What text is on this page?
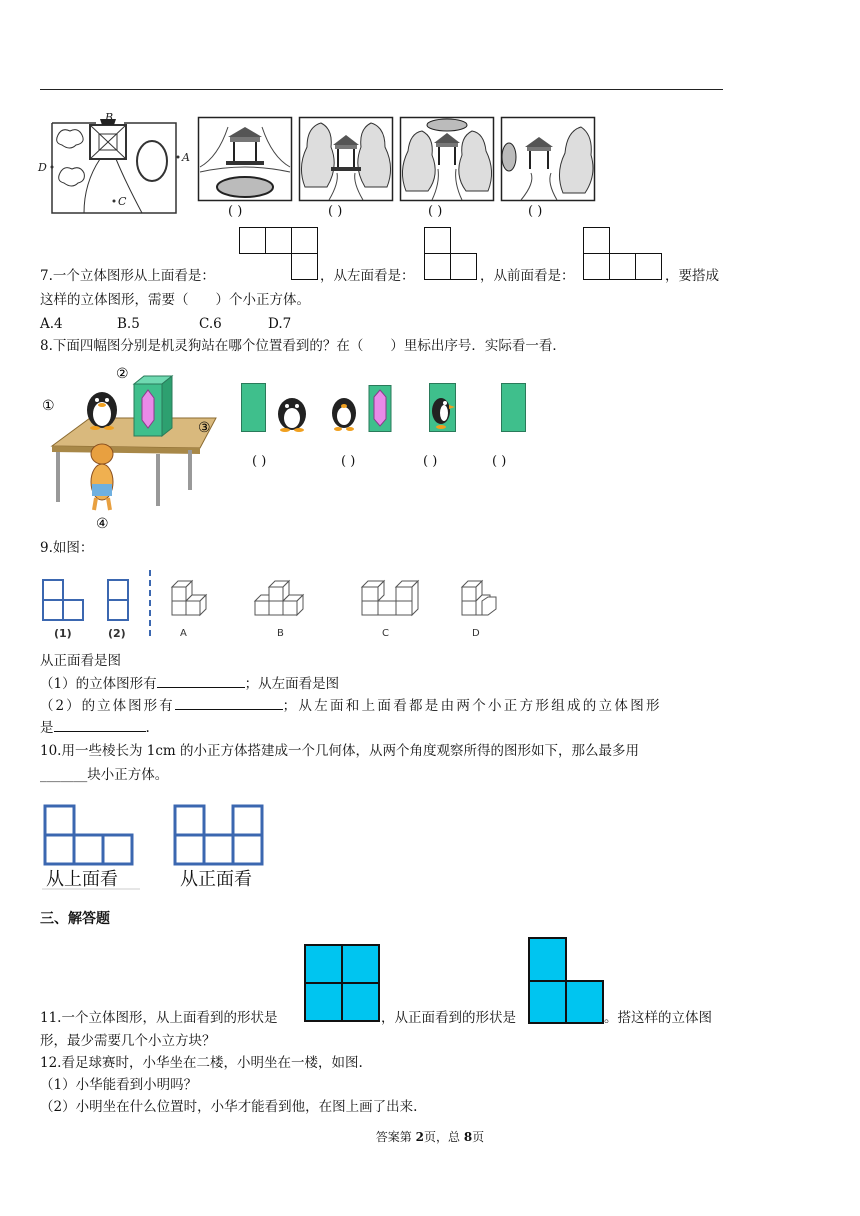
D
B
A
C
( )	( )	( )	( )
7.一个立体图形从上面看是：	，从左面看是：	，从前面看是：	，要搭成
这样的立体图形，需要（　　）个小正方体。
A.4	B.5	C.6	D.7
8.下面四幅图分别是机灵狗站在哪个位置看到的？在（　　）里标出序号．实际看一看．
①
②
③
④
( )	( )	( )	( )
9.如图：
(1)	(2)	A	B	C	D
从正面看是图
（1）的立体图形有	；从左面看是图
（2）的立体图形有	；从左面和上面看都是由两个小正方形组成的立体图形
是	.
10.用一些棱长为 1cm 的小正方体搭建成一个几何体，从两个角度观察所得的图形如下，那么最多用
_______块小正方体。
从上面看	从正面看
三、解答题
11.一个立体图形，从上面看到的形状是	，从正面看到的形状是	。搭这样的立体图
形，最少需要几个小立方块？
12.看足球赛时，小华坐在二楼，小明坐在一楼，如图.
（1）小华能看到小明吗？
（2）小明坐在什么位置时，小华才能看到他，在图上画了出来.
答案第 2页，总 8页
